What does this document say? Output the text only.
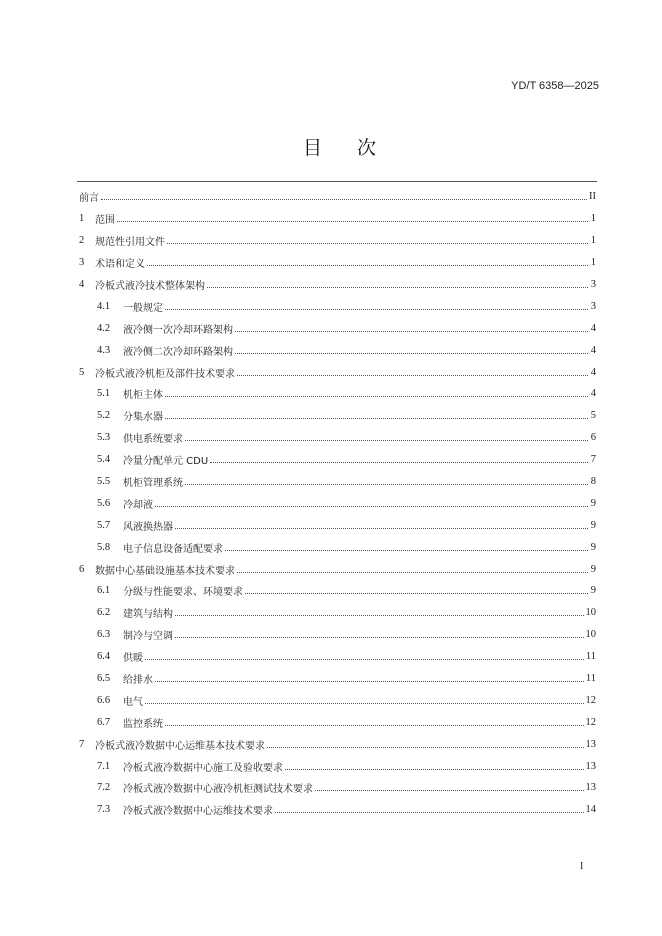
YD/T 6358—2025
目 次
前言	II
1	范围	1
2	规范性引用文件	1
3	术语和定义	1
4	冷板式液冷技术整体架构	3
4.1	一般规定	3
4.2	液冷侧一次冷却环路架构	4
4.3	液冷侧二次冷却环路架构	4
5	冷板式液冷机柜及部件技术要求	4
5.1	机柜主体	4
5.2	分集水器	5
5.3	供电系统要求	6
5.4	冷量分配单元 CDU	7
5.5	机柜管理系统	8
5.6	冷却液	9
5.7	风液换热器	9
5.8	电子信息设备适配要求	9
6	数据中心基础设施基本技术要求	9
6.1	分级与性能要求、环境要求	9
6.2	建筑与结构	10
6.3	制冷与空调	10
6.4	供暖	11
6.5	给排水	11
6.6	电气	12
6.7	监控系统	12
7	冷板式液冷数据中心运维基本技术要求	13
7.1	冷板式液冷数据中心施工及验收要求	13
7.2	冷板式液冷数据中心液冷机柜测试技术要求	13
7.3	冷板式液冷数据中心运维技术要求	14
I
